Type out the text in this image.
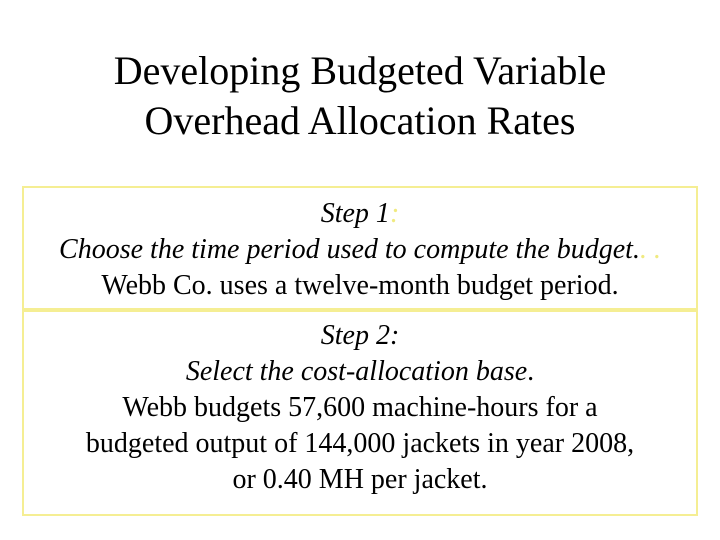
Developing Budgeted Variable
Overhead Allocation Rates
Step 1:
Choose the time period used to compute the budget.. .
Webb Co. uses a twelve-month budget period.
Step 2:
Select the cost-allocation base.
Webb budgets 57,600 machine-hours for a
budgeted output of 144,000 jackets in year 2008,
or 0.40 MH per jacket.
